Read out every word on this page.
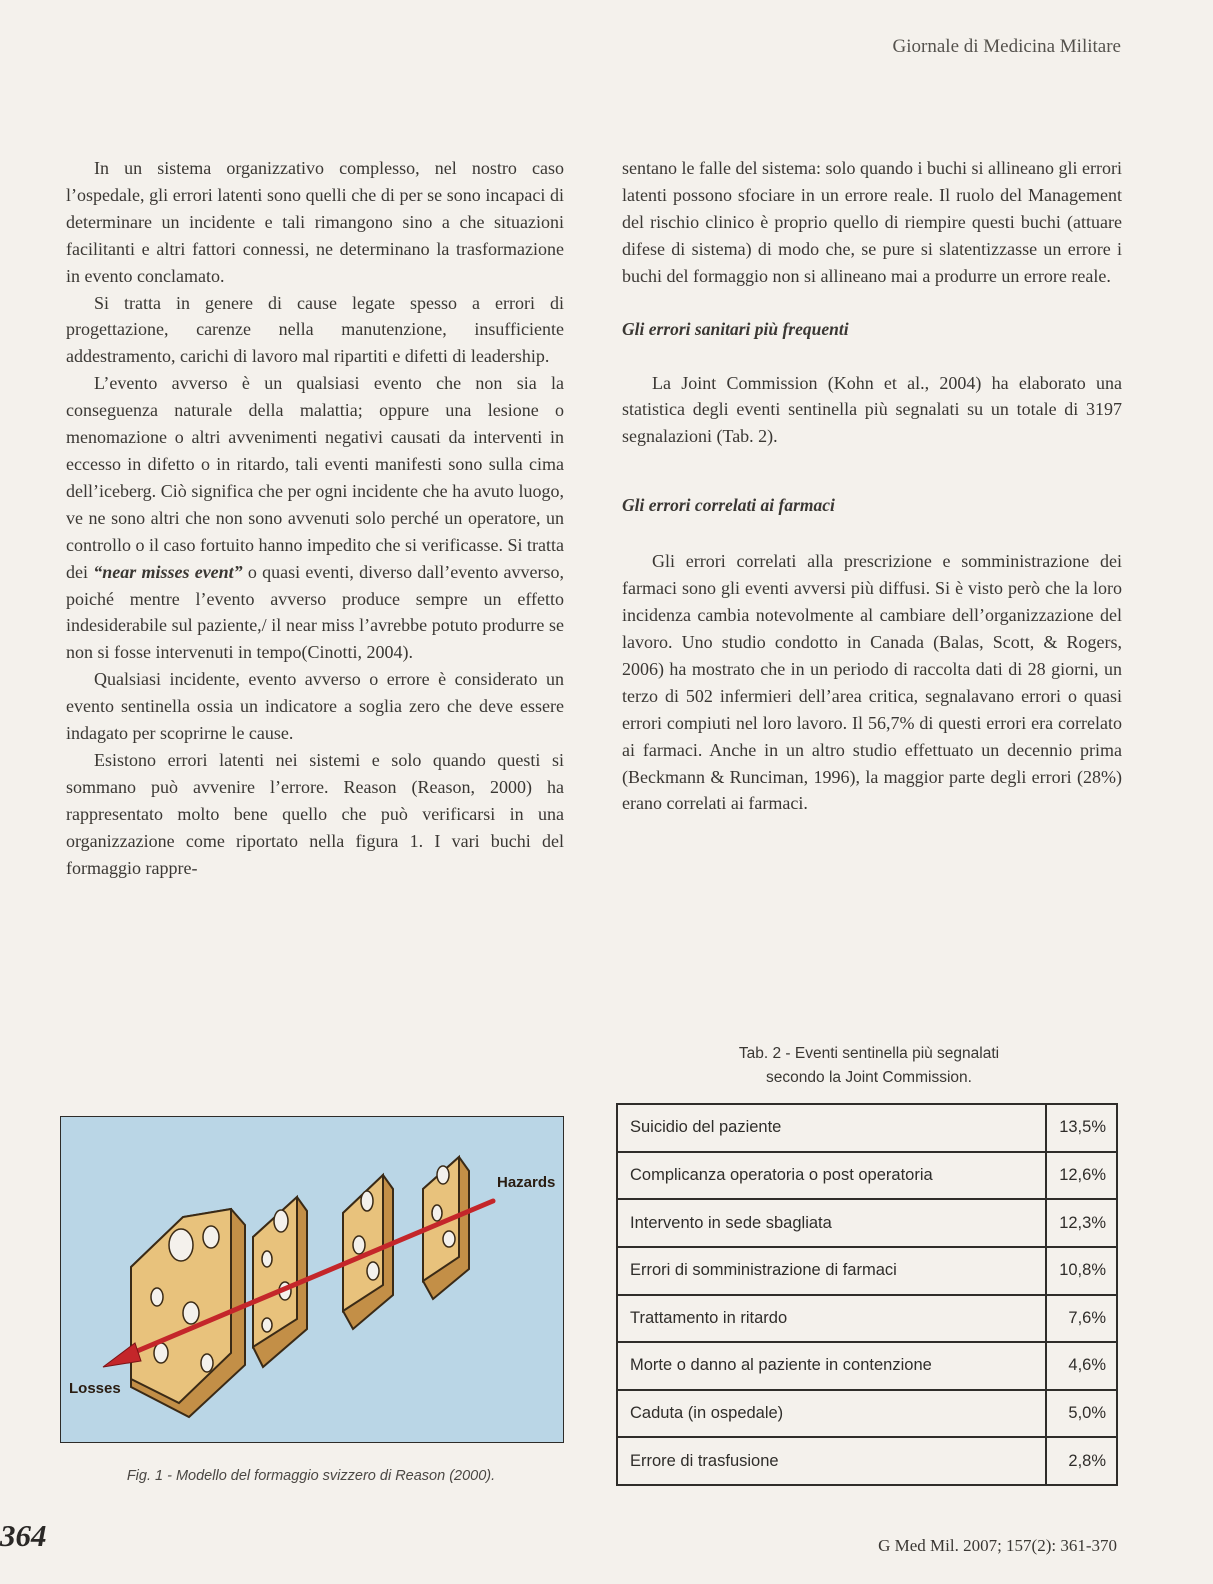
Giornale di Medicina Militare

In un sistema organizzativo complesso, nel nostro caso l’ospedale, gli errori latenti sono quelli che di per se sono incapaci di determinare un incidente e tali rimangono sino a che situazioni facilitanti e altri fattori connessi, ne determinano la trasformazione in evento conclamato.

Si tratta in genere di cause legate spesso a errori di progettazione, carenze nella manutenzione, insufficiente addestramento, carichi di lavoro mal ripartiti e difetti di leadership.

L’evento avverso è un qualsiasi evento che non sia la conseguenza naturale della malattia; oppure una lesione o menomazione o altri avvenimenti negativi causati da interventi in eccesso in difetto o in ritardo, tali eventi manifesti sono sulla cima dell’iceberg. Ciò significa che per ogni incidente che ha avuto luogo, ve ne sono altri che non sono avvenuti solo perché un operatore, un controllo o il caso fortuito hanno impedito che si verificasse. Si tratta dei “near misses event” o quasi eventi, diverso dall’evento avverso, poiché mentre l’evento avverso produce sempre un effetto indesiderabile sul paziente,/ il near miss l’avrebbe potuto produrre se non si fosse intervenuti in tempo(Cinotti, 2004).

Qualsiasi incidente, evento avverso o errore è considerato un evento sentinella ossia un indicatore a soglia zero che deve essere indagato per scoprirne le cause.

Esistono errori latenti nei sistemi e solo quando questi si sommano può avvenire l’errore. Reason (Reason, 2000) ha rappresentato molto bene quello che può verificarsi in una organizzazione come riportato nella figura 1. I vari buchi del formaggio rappre-

sentano le falle del sistema: solo quando i buchi si allineano gli errori latenti possono sfociare in un errore reale. Il ruolo del Management del rischio clinico è proprio quello di riempire questi buchi (attuare difese di sistema) di modo che, se pure si slatentizzasse un errore i buchi del formaggio non si allineano mai a produrre un errore reale.

Gli errori sanitari più frequenti

La Joint Commission (Kohn et al., 2004) ha elaborato una statistica degli eventi sentinella più segnalati su un totale di 3197 segnalazioni (Tab. 2).

Gli errori correlati ai farmaci

Gli errori correlati alla prescrizione e somministrazione dei farmaci sono gli eventi avversi più diffusi. Si è visto però che la loro incidenza cambia notevolmente al cambiare dell’organizzazione del lavoro. Uno studio condotto in Canada (Balas, Scott, & Rogers, 2006) ha mostrato che in un periodo di raccolta dati di 28 giorni, un terzo di 502 infermieri dell’area critica, segnalavano errori o quasi errori compiuti nel loro lavoro. Il 56,7% di questi errori era correlato ai farmaci. Anche in un altro studio effettuato un decennio prima (Beckmann & Runciman, 1996), la maggior parte degli errori (28%) erano correlati ai farmaci.

Hazards
Losses
Fig. 1 - Modello del formaggio svizzero di Reason (2000).
Tab. 2 - Eventi sentinella più segnalati
secondo la Joint Commission.
Suicidio del paziente	13,5%
Complicanza operatoria o post operatoria	12,6%
Intervento in sede sbagliata	12,3%
Errori di somministrazione di farmaci	10,8%
Trattamento in ritardo	7,6%
Morte o danno al paziente in contenzione	4,6%
Caduta (in ospedale)	5,0%
Errore di trasfusione	2,8%
364	G Med Mil. 2007; 157(2): 361-370
